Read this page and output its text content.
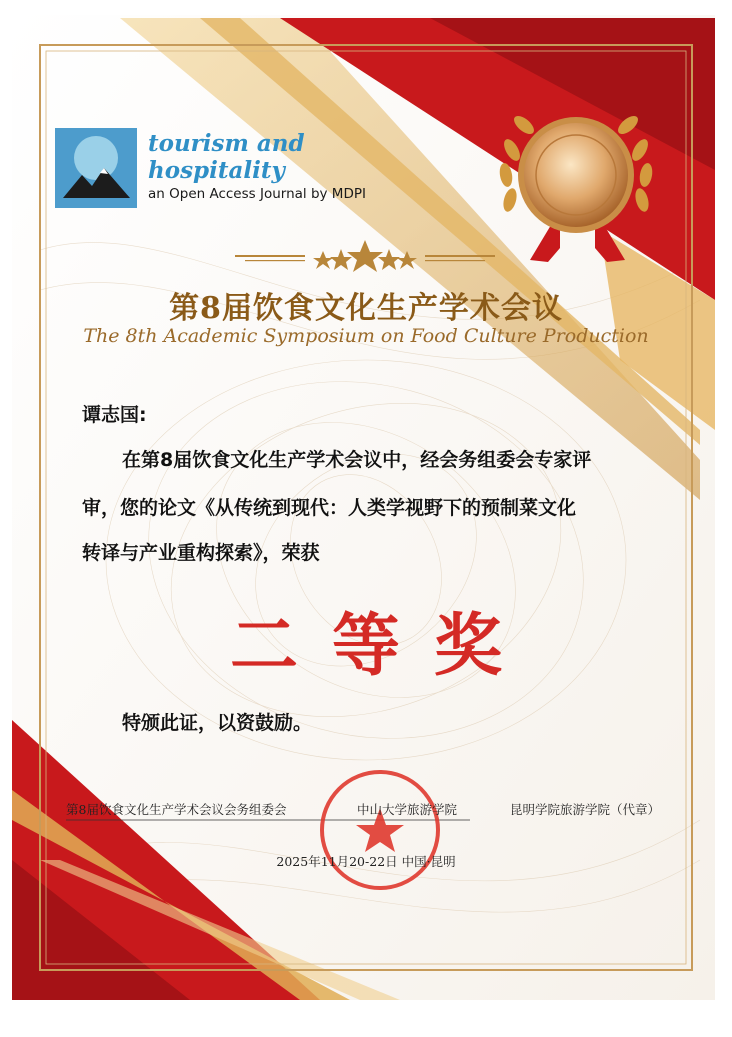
tourism and
hospitality
an Open Access Journal by MDPI
第8届饮食文化生产学术会议
The 8th Academic Symposium on Food Culture Production
谭志国:
在第8届饮食文化生产学术会议中，经会务组委会专家评
审，您的论文《从传统到现代：人类学视野下的预制菜文化
转译与产业重构探索》，荣获
二等奖
特颁此证，以资鼓励。
第8届饮食文化生产学术会议会务组委会	中山大学旅游学院	昆明学院旅游学院（代章）
2025年11月20-22日 中国·昆明
